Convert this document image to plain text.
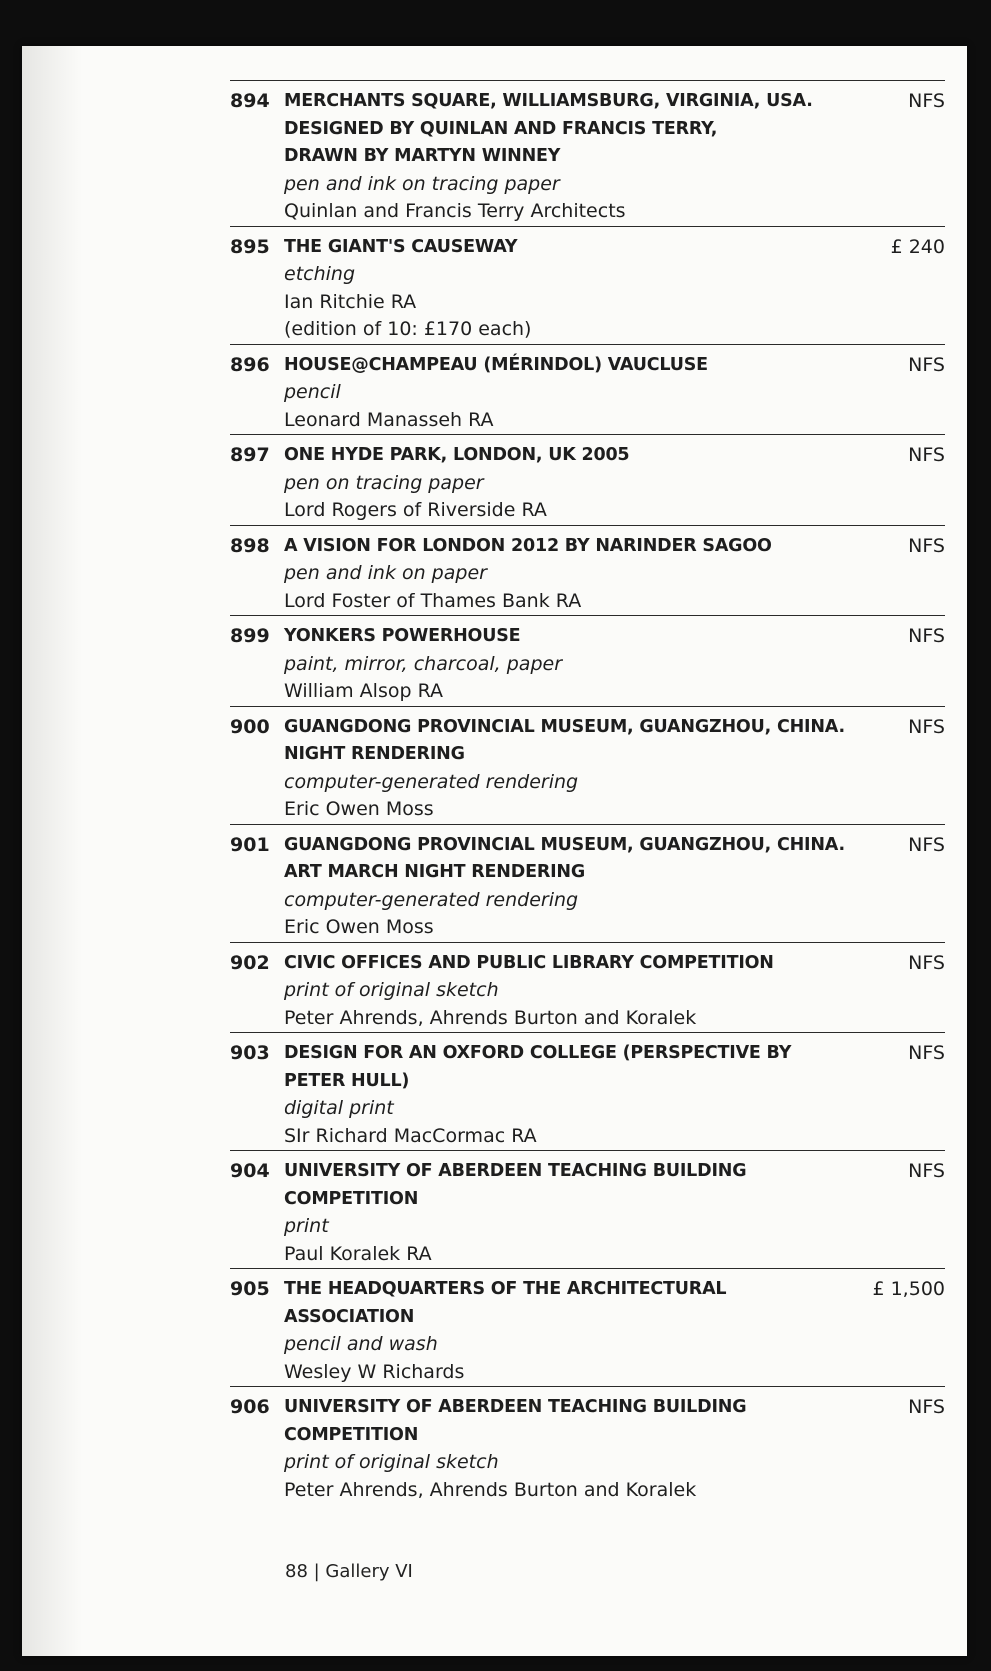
894 MERCHANTS SQUARE, WILLIAMSBURG, VIRGINIA, USA.
DESIGNED BY QUINLAN AND FRANCIS TERRY,
DRAWN BY MARTYN WINNEY
pen and ink on tracing paper
Quinlan and Francis Terry Architects
NFS
895 THE GIANT'S CAUSEWAY
etching
Ian Ritchie RA
(edition of 10: £170 each)
£ 240
896 HOUSE@CHAMPEAU (MÉRINDOL) VAUCLUSE
pencil
Leonard Manasseh RA
NFS
897 ONE HYDE PARK, LONDON, UK 2005
pen on tracing paper
Lord Rogers of Riverside RA
NFS
898 A VISION FOR LONDON 2012 BY NARINDER SAGOO
pen and ink on paper
Lord Foster of Thames Bank RA
NFS
899 YONKERS POWERHOUSE
paint, mirror, charcoal, paper
William Alsop RA
NFS
900 GUANGDONG PROVINCIAL MUSEUM, GUANGZHOU, CHINA.
NIGHT RENDERING
computer-generated rendering
Eric Owen Moss
NFS
901 GUANGDONG PROVINCIAL MUSEUM, GUANGZHOU, CHINA.
ART MARCH NIGHT RENDERING
computer-generated rendering
Eric Owen Moss
NFS
902 CIVIC OFFICES AND PUBLIC LIBRARY COMPETITION
print of original sketch
Peter Ahrends, Ahrends Burton and Koralek
NFS
903 DESIGN FOR AN OXFORD COLLEGE (PERSPECTIVE BY PETER HULL)
digital print
SIr Richard MacCormac RA
NFS
904 UNIVERSITY OF ABERDEEN TEACHING BUILDING COMPETITION
print
Paul Koralek RA
NFS
905 THE HEADQUARTERS OF THE ARCHITECTURAL ASSOCIATION
pencil and wash
Wesley W Richards
£ 1,500
906 UNIVERSITY OF ABERDEEN TEACHING BUILDING COMPETITION
print of original sketch
Peter Ahrends, Ahrends Burton and Koralek
NFS
88 | Gallery VI
